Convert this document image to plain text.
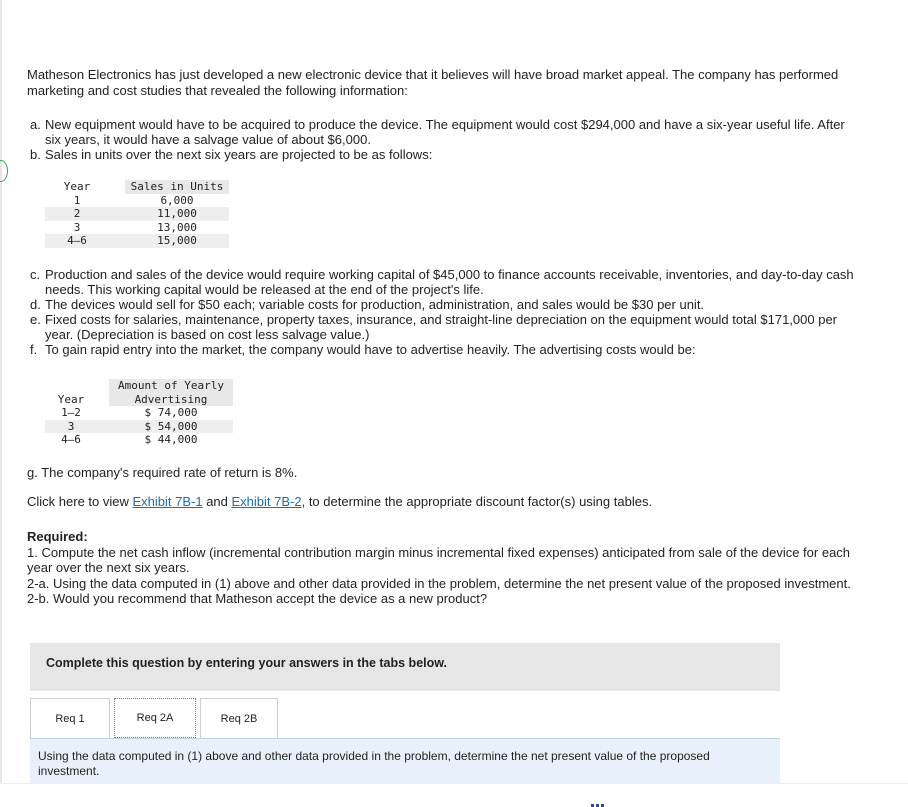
Matheson Electronics has just developed a new electronic device that it believes will have broad market appeal. The company has performed marketing and cost studies that revealed the following information:

a. New equipment would have to be acquired to produce the device. The equipment would cost $294,000 and have a six-year useful life. After six years, it would have a salvage value of about $6,000.

b. Sales in units over the next six years are projected to be as follows:

Year		Sales in Units
1		6,000
2		11,000
3		13,000
4–6		15,000

c. Production and sales of the device would require working capital of $45,000 to finance accounts receivable, inventories, and day-to-day cash needs. This working capital would be released at the end of the project's life.

d. The devices would sell for $50 each; variable costs for production, administration, and sales would be $30 per unit.

e. Fixed costs for salaries, maintenance, property taxes, insurance, and straight-line depreciation on the equipment would total $171,000 per year. (Depreciation is based on cost less salvage value.)

f. To gain rapid entry into the market, the company would have to advertise heavily. The advertising costs would be:

		Amount of Yearly
Year		Advertising
1–2		$ 74,000
3		$ 54,000
4–6		$ 44,000

g. The company's required rate of return is 8%.

Click here to view Exhibit 7B-1 and Exhibit 7B-2, to determine the appropriate discount factor(s) using tables.

Required:

1. Compute the net cash inflow (incremental contribution margin minus incremental fixed expenses) anticipated from sale of the device for each year over the next six years.

2-a. Using the data computed in (1) above and other data provided in the problem, determine the net present value of the proposed investment.

2-b. Would you recommend that Matheson accept the device as a new product?

Complete this question by entering your answers in the tabs below.
Req 1	Req 2A	Req 2B
Using the data computed in (1) above and other data provided in the problem, determine the net present value of the proposed investment.
